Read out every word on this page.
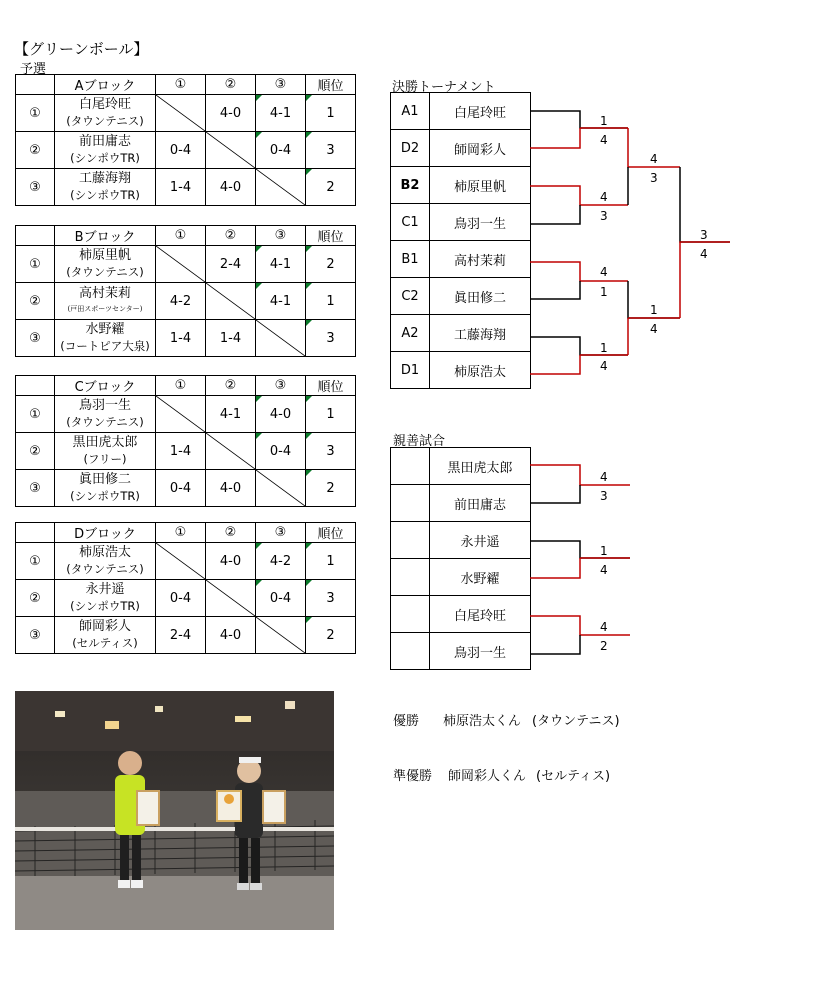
【グリーンボール】
予選
	Aブロック	①	②	③	順位
①	白尾玲旺
(タウンテニス)		4-0	4-1	1
②	前田庸志
(シンポウTR)	0-4		0-4	3
③	工藤海翔
(シンポウTR)	1-4	4-0		2
	Bブロック	①	②	③	順位
①	柿原里帆
(タウンテニス)		2-4	4-1	2
②	高村茉莉
(戸田スポーツセンター)	4-2		4-1	1
③	水野糴
(コートピア大泉)	1-4	1-4		3
	Cブロック	①	②	③	順位
①	鳥羽一生
(タウンテニス)		4-1	4-0	1
②	黒田虎太郎
(フリー)	1-4		0-4	3
③	眞田修二
(シンポウTR)	0-4	4-0		2
	Dブロック	①	②	③	順位
①	柿原浩太
(タウンテニス)		4-0	4-2	1
②	永井遥
(シンポウTR)	0-4		0-4	3
③	師岡彩人
(セルティス)	2-4	4-0		2
決勝トーナメント
A1	白尾玲旺
D2	師岡彩人
B2	柿原里帆
C1	鳥羽一生
B1	高村茉莉
C2	眞田修二
A2	工藤海翔
D1	柿原浩太
親善試合
	黒田虎太郎
	前田庸志
	永井遥
	水野糴
	白尾玲旺
	鳥羽一生
1
4
4
3
4
1
1
4
4
3
1
4
3
4
4
3
1
4
4
2
優勝 柿原浩太くん (タウンテニス)
準優勝 師岡彩人くん (セルティス)
